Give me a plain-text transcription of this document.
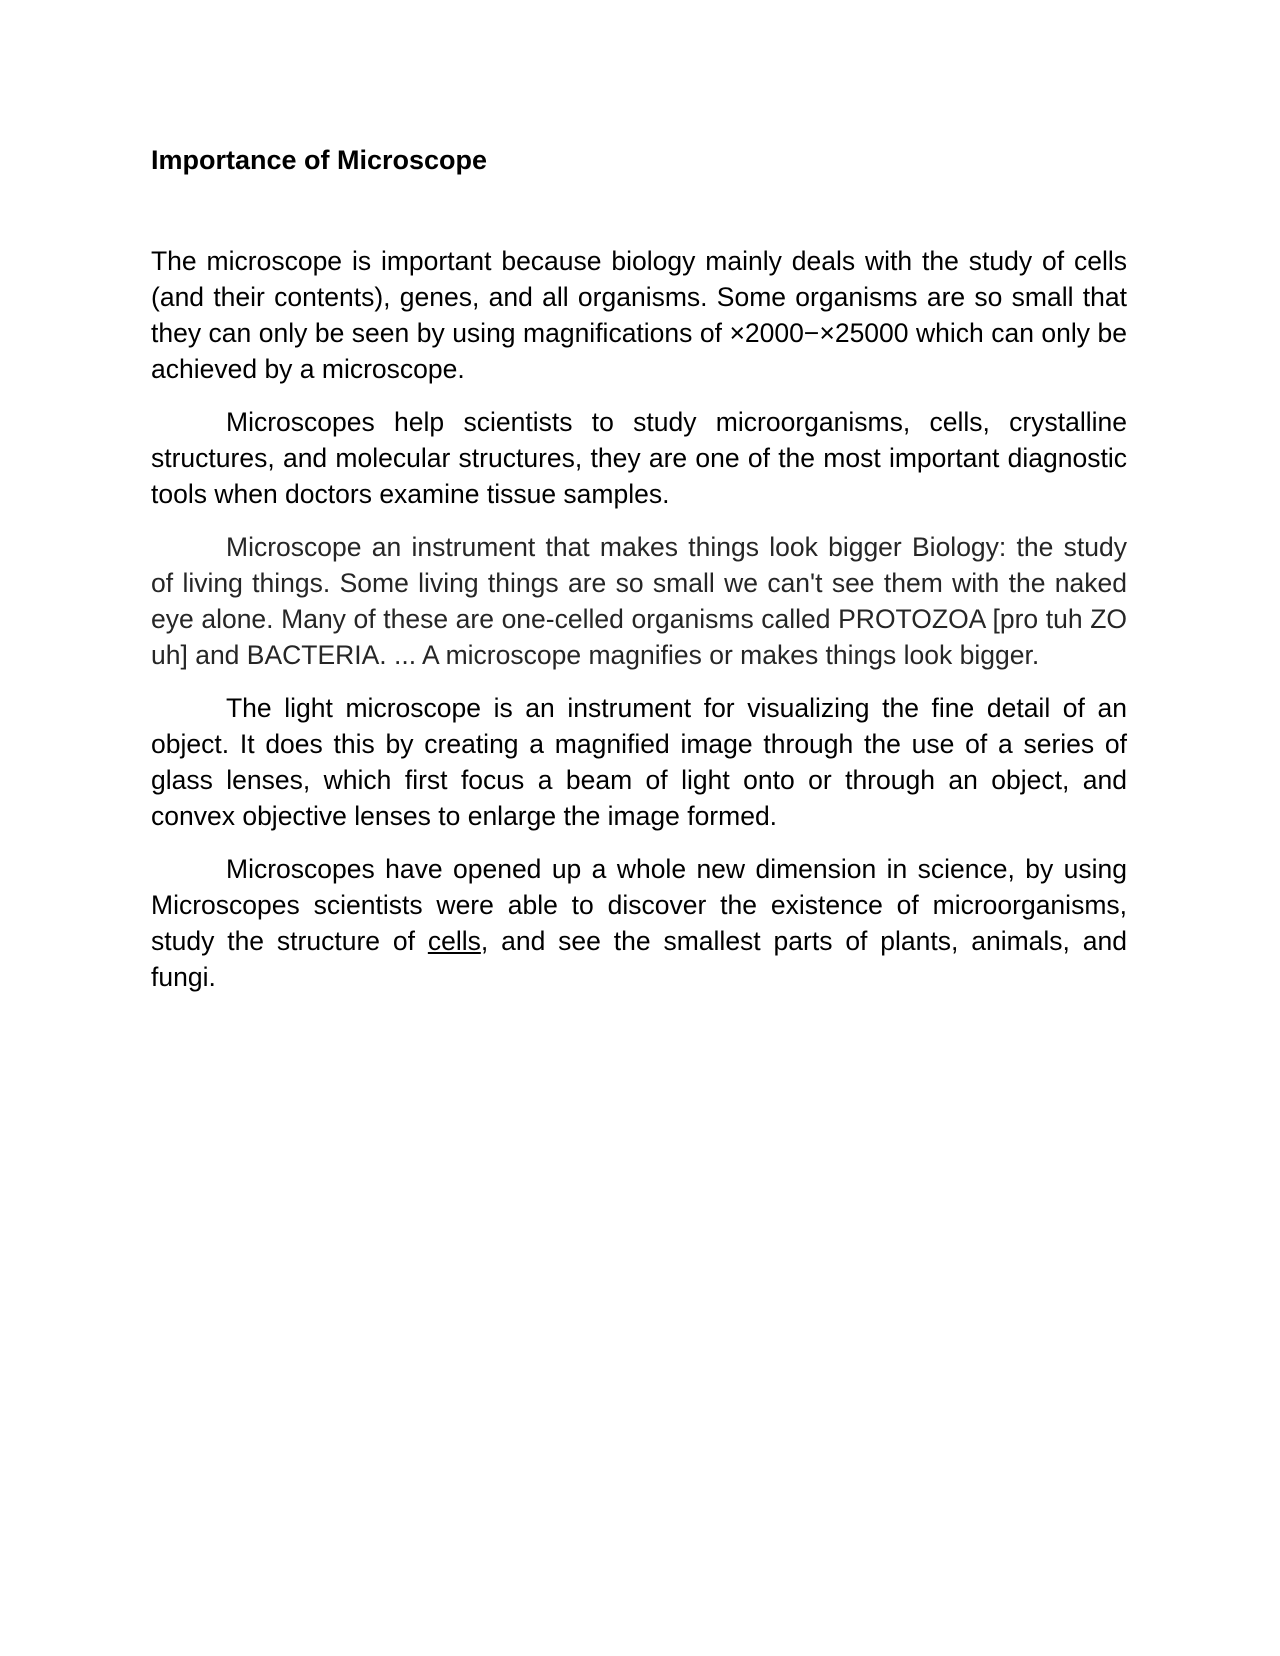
Importance of Microscope

The microscope is important because biology mainly deals with the study of cells (and their contents), genes, and all organisms. Some organisms are so small that they can only be seen by using magnifications of ×2000−×25000 which can only be achieved by a microscope.

Microscopes help scientists to study microorganisms, cells, crystalline structures, and molecular structures, they are one of the most important diagnostic tools when doctors examine tissue samples.

Microscope an instrument that makes things look bigger Biology: the study of living things. Some living things are so small we can't see them with the naked eye alone. Many of these are one-celled organisms called PROTOZOA [pro tuh ZO uh] and BACTERIA. ... A microscope magnifies or makes things look bigger.

The light microscope is an instrument for visualizing the fine detail of an object. It does this by creating a magnified image through the use of a series of glass lenses, which first focus a beam of light onto or through an object, and convex objective lenses to enlarge the image formed.

Microscopes have opened up a whole new dimension in science, by using Microscopes scientists were able to discover the existence of microorganisms, study the structure of cells, and see the smallest parts of plants, animals, and fungi.
